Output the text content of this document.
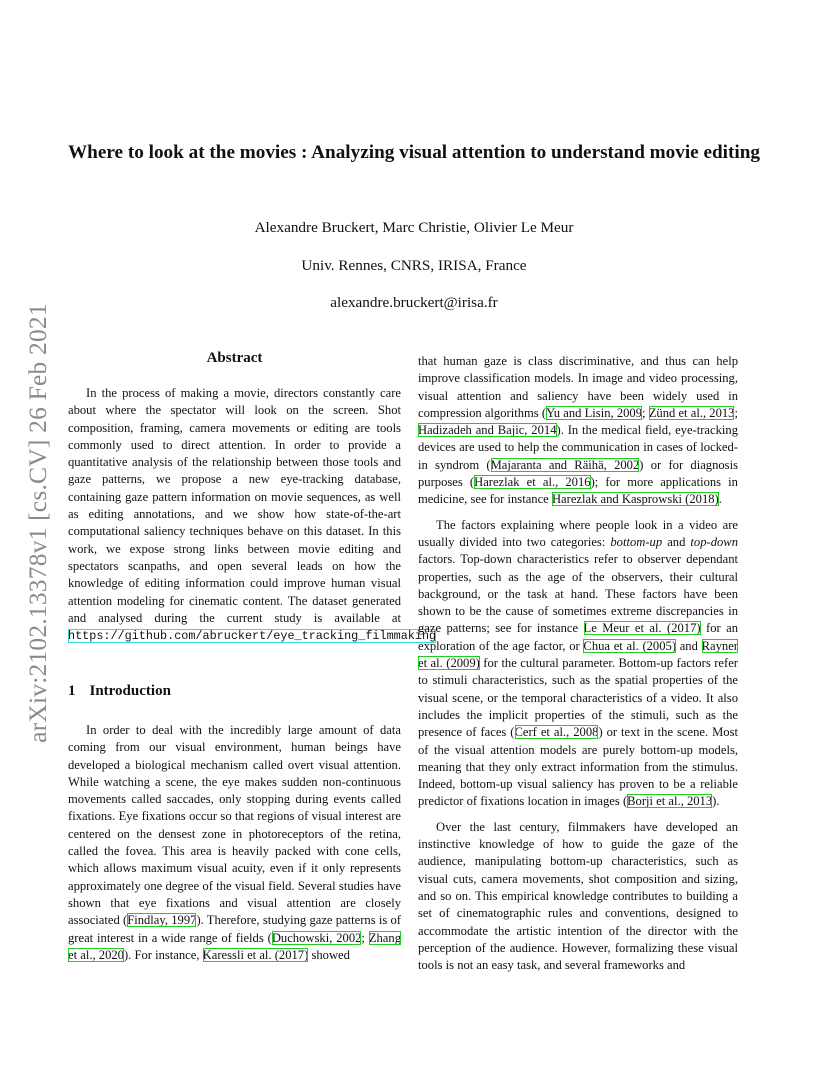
arXiv:2102.13378v1 [cs.CV] 26 Feb 2021
Where to look at the movies : Analyzing visual attention to understand movie editing

Alexandre Bruckert, Marc Christie, Olivier Le Meur

Univ. Rennes, CNRS, IRISA, France

alexandre.bruckert@irisa.fr

Abstract

In the process of making a movie, directors constantly care about where the spectator will look on the screen. Shot composition, framing, camera movements or editing are tools commonly used to direct attention. In order to provide a quantitative analysis of the relationship between those tools and gaze patterns, we propose a new eye-tracking database, containing gaze pattern information on movie sequences, as well as editing annotations, and we show how state-of-the-art computational saliency techniques behave on this dataset. In this work, we expose strong links between movie editing and spectators scanpaths, and open several leads on how the knowledge of editing information could improve human visual attention modeling for cinematic content. The dataset generated and analysed during the current study is available at https://github.com/abruckert/eye_tracking_filmmaking

1 Introduction

In order to deal with the incredibly large amount of data coming from our visual environment, human beings have developed a biological mechanism called overt visual attention. While watching a scene, the eye makes sudden non-continuous movements called saccades, only stopping during events called fixations. Eye fixations occur so that regions of visual interest are centered on the densest zone in photoreceptors of the retina, called the fovea. This area is heavily packed with cone cells, which allows maximum visual acuity, even if it only represents approximately one degree of the visual field. Several studies have shown that eye fixations and visual attention are closely associated (Findlay, 1997). Therefore, studying gaze patterns is of great interest in a wide range of fields (Duchowski, 2002; Zhang et al., 2020). For instance, Karessli et al. (2017) showed

that human gaze is class discriminative, and thus can help improve classification models. In image and video processing, visual attention and saliency have been widely used in compression algorithms (Yu and Lisin, 2009; Zünd et al., 2013; Hadizadeh and Bajic, 2014). In the medical field, eye-tracking devices are used to help the communication in cases of locked-in syndrom (Majaranta and Räihä, 2002) or for diagnosis purposes (Harezlak et al., 2016); for more applications in medicine, see for instance Harezlak and Kasprowski (2018).

The factors explaining where people look in a video are usually divided into two categories: bottom-up and top-down factors. Top-down characteristics refer to observer dependant properties, such as the age of the observers, their cultural background, or the task at hand. These factors have been shown to be the cause of sometimes extreme discrepancies in gaze patterns; see for instance Le Meur et al. (2017) for an exploration of the age factor, or Chua et al. (2005) and Rayner et al. (2009) for the cultural parameter. Bottom-up factors refer to stimuli characteristics, such as the spatial properties of the visual scene, or the temporal characteristics of a video. It also includes the implicit properties of the stimuli, such as the presence of faces (Cerf et al., 2008) or text in the scene. Most of the visual attention models are purely bottom-up models, meaning that they only extract information from the stimulus. Indeed, bottom-up visual saliency has proven to be a reliable predictor of fixations location in images (Borji et al., 2013).

Over the last century, filmmakers have developed an instinctive knowledge of how to guide the gaze of the audience, manipulating bottom-up characteristics, such as visual cuts, camera movements, shot composition and sizing, and so on. This empirical knowledge contributes to building a set of cinematographic rules and conventions, designed to accommodate the artistic intention of the director with the perception of the audience. However, formalizing these visual tools is not an easy task, and several frameworks and
